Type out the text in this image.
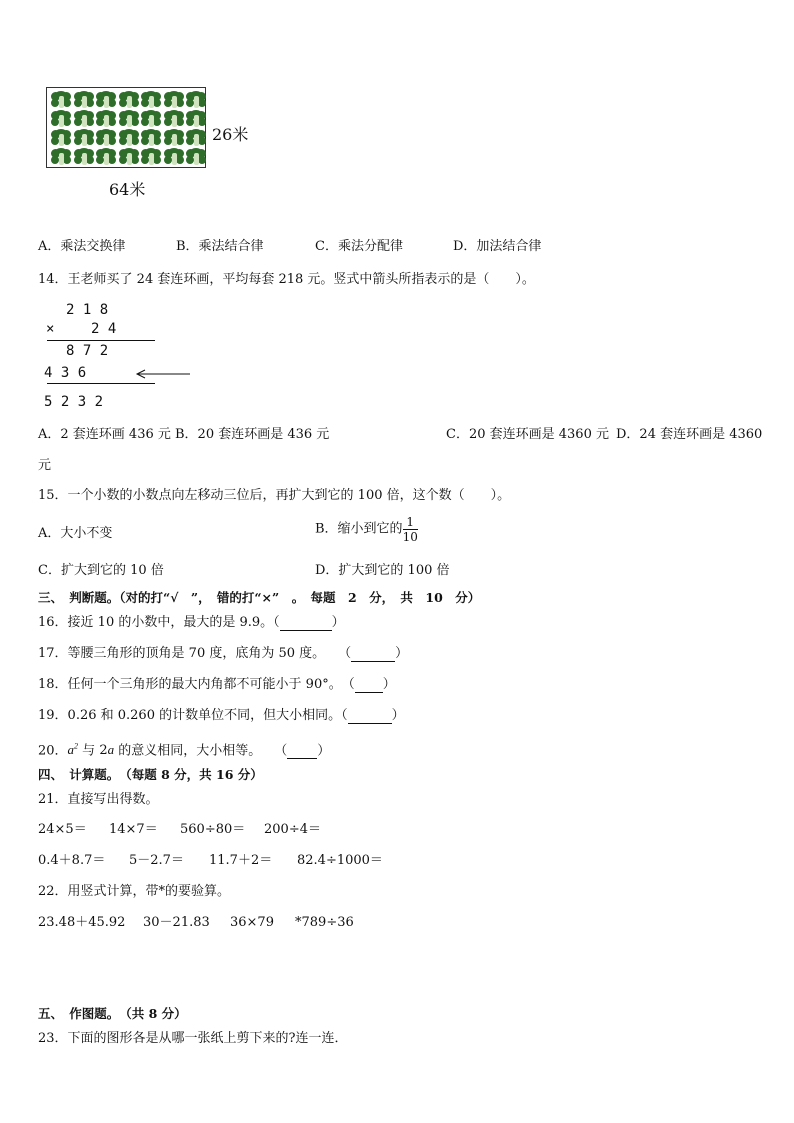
26米
64米
A．乘法交换律	B．乘法结合律	C．乘法分配律	D．加法结合律
14．王老师买了 24 套连环画，平均每套 218 元。竖式中箭头所指表示的是（　　）。
2 1 8
×	2 4
8 7 2
4 3 6
5 2 3 2
A．2 套连环画 436 元 B．20 套连环画是 436 元	C．20 套连环画是 4360 元 D．24 套连环画是 4360
元
15．一个小数的小数点向左移动三位后，再扩大到它的 100 倍，这个数（　　）。
A．大小不变	B．缩小到它的 $\frac{1}{10}$
C．扩大到它的 10 倍	D．扩大到它的 100 倍
三、　判断题。（对的打“√　”，　错的打“×”　。　每题　2　分，　共　10　分）
16．接近 10 的小数中，最大的是 9.9。（	）
17．等腰三角形的顶角是 70 度，底角为 50 度。　　（	）
18．任何一个三角形的最大内角都不可能小于 90°。　（ ）
19．0.26 和 0.260 的计数单位不同，但大小相同。（	）
20．$a^2$ 与 2a 的意义相同，大小相等。　　（ ）
四、　计算题。　（每题 8 分，共 16 分）
21．直接写出得数。
24×5＝ 14×7＝ 560÷80＝ 200÷4＝
0.4＋8.7＝ 5－2.7＝ 11.7＋2＝ 82.4÷1000＝
22．用竖式计算，带*的要验算。
23.48＋45.92 30－21.83 36×79 *789÷36
五、　作图题。　（共 8 分）
23．下面的图形各是从哪一张纸上剪下来的?连一连．
